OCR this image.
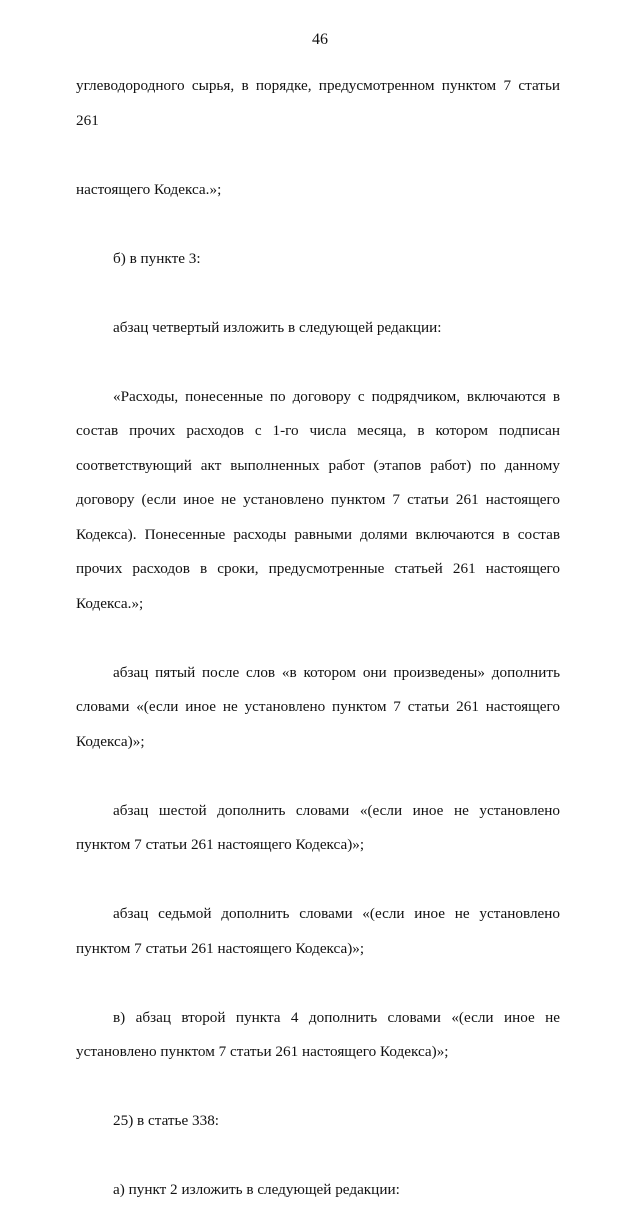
46

углеводородного сырья, в порядке, предусмотренном пунктом 7 статьи 261

настоящего Кодекса.»;

б) в пункте 3:

абзац четвертый изложить в следующей редакции:

«Расходы, понесенные по договору с подрядчиком, включаются в состав прочих расходов с 1-го числа месяца, в котором подписан соответствующий акт выполненных работ (этапов работ) по данному договору (если иное не установлено пунктом 7 статьи 261 настоящего Кодекса). Понесенные расходы равными долями включаются в состав прочих расходов в сроки, предусмотренные статьей 261 настоящего Кодекса.»;

абзац пятый после слов «в котором они произведены» дополнить словами «(если иное не установлено пунктом 7 статьи 261 настоящего Кодекса)»;

абзац шестой дополнить словами «(если иное не установлено пунктом 7 статьи 261 настоящего Кодекса)»;

абзац седьмой дополнить словами «(если иное не установлено пунктом 7 статьи 261 настоящего Кодекса)»;

в) абзац второй пункта 4 дополнить словами «(если иное не установлено пунктом 7 статьи 261 настоящего Кодекса)»;

25) в статье 338:

а) пункт 2 изложить в следующей редакции:
